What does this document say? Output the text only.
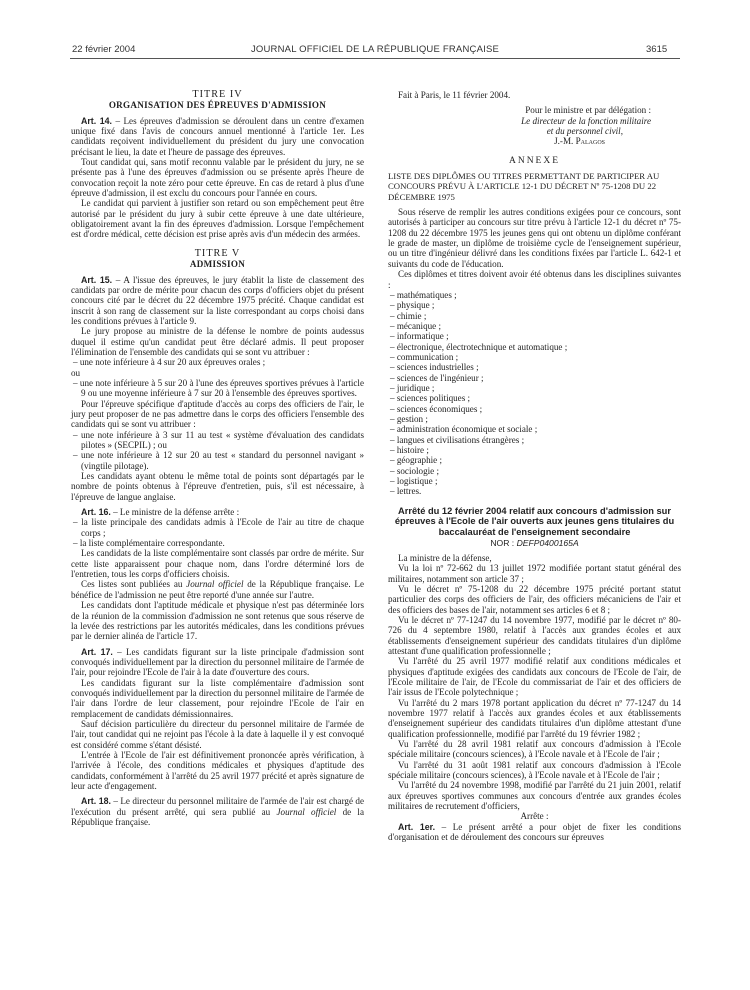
22 février 2004	JOURNAL OFFICIEL DE LA RÉPUBLIQUE FRANÇAISE	3615

TITRE IV

ORGANISATION DES ÉPREUVES D'ADMISSION

Art. 14. – Les épreuves d'admission se déroulent dans un centre d'examen unique fixé dans l'avis de concours annuel mentionné à l'article 1er. Les candidats reçoivent individuellement du président du jury une convocation précisant le lieu, la date et l'heure de passage des épreuves.

Tout candidat qui, sans motif reconnu valable par le président du jury, ne se présente pas à l'une des épreuves d'admission ou se présente après l'heure de convocation reçoit la note zéro pour cette épreuve. En cas de retard à plus d'une épreuve d'admission, il est exclu du concours pour l'année en cours.

Le candidat qui parvient à justifier son retard ou son empêchement peut être autorisé par le président du jury à subir cette épreuve à une date ultérieure, obligatoirement avant la fin des épreuves d'admission. Lorsque l'empêchement est d'ordre médical, cette décision est prise après avis d'un médecin des armées.

TITRE V

ADMISSION

Art. 15. – A l'issue des épreuves, le jury établit la liste de classement des candidats par ordre de mérite pour chacun des corps d'officiers objet du présent concours cité par le décret du 22 décembre 1975 précité. Chaque candidat est inscrit à son rang de classement sur la liste correspondant au corps choisi dans les conditions prévues à l'article 9.

Le jury propose au ministre de la défense le nombre de points audessus duquel il estime qu'un candidat peut être déclaré admis. Il peut proposer l'élimination de l'ensemble des candidats qui se sont vu attribuer :

– une note inférieure à 4 sur 20 aux épreuves orales ;

ou

– une note inférieure à 5 sur 20 à l'une des épreuves sportives prévues à l'article 9 ou une moyenne inférieure à 7 sur 20 à l'ensemble des épreuves sportives.

Pour l'épreuve spécifique d'aptitude d'accès au corps des officiers de l'air, le jury peut proposer de ne pas admettre dans le corps des officiers l'ensemble des candidats qui se sont vu attribuer :

– une note inférieure à 3 sur 11 au test « système d'évaluation des candidats pilotes » (SECPIL) ; ou

– une note inférieure à 12 sur 20 au test « standard du personnel navigant » (vingtile pilotage).

Les candidats ayant obtenu le même total de points sont départagés par le nombre de points obtenus à l'épreuve d'entretien, puis, s'il est nécessaire, à l'épreuve de langue anglaise.

Art. 16. – Le ministre de la défense arrête :

– la liste principale des candidats admis à l'Ecole de l'air au titre de chaque corps ;

– la liste complémentaire correspondante.

Les candidats de la liste complémentaire sont classés par ordre de mérite. Sur cette liste apparaissent pour chaque nom, dans l'ordre déterminé lors de l'entretien, tous les corps d'officiers choisis.

Ces listes sont publiées au Journal officiel de la République française. Le bénéfice de l'admission ne peut être reporté d'une année sur l'autre.

Les candidats dont l'aptitude médicale et physique n'est pas déterminée lors de la réunion de la commission d'admission ne sont retenus que sous réserve de la levée des restrictions par les autorités médicales, dans les conditions prévues par le dernier alinéa de l'article 17.

Art. 17. – Les candidats figurant sur la liste principale d'admission sont convoqués individuellement par la direction du personnel militaire de l'armée de l'air, pour rejoindre l'Ecole de l'air à la date d'ouverture des cours.

Les candidats figurant sur la liste complémentaire d'admission sont convoqués individuellement par la direction du personnel militaire de l'armée de l'air dans l'ordre de leur classement, pour rejoindre l'Ecole de l'air en remplacement de candidats démissionnaires.

Sauf décision particulière du directeur du personnel militaire de l'armée de l'air, tout candidat qui ne rejoint pas l'école à la date à laquelle il y est convoqué est considéré comme s'étant désisté.

L'entrée à l'Ecole de l'air est définitivement prononcée après vérification, à l'arrivée à l'école, des conditions médicales et physiques d'aptitude des candidats, conformément à l'arrêté du 25 avril 1977 précité et après signature de leur acte d'engagement.

Art. 18. – Le directeur du personnel militaire de l'armée de l'air est chargé de l'exécution du présent arrêté, qui sera publié au Journal officiel de la République française.

Fait à Paris, le 11 février 2004.

Pour le ministre et par délégation :

Le directeur de la fonction militaire

et du personnel civil,

J.-M. Palagos

ANNEXE

LISTE DES DIPLÔMES OU TITRES PERMETTANT DE PARTICIPER AU CONCOURS PRÉVU À L'ARTICLE 12-1 DU DÉCRET Nº 75-1208 DU 22 DÉCEMBRE 1975

Sous réserve de remplir les autres conditions exigées pour ce concours, sont autorisés à participer au concours sur titre prévu à l'article 12-1 du décret nº 75-1208 du 22 décembre 1975 les jeunes gens qui ont obtenu un diplôme conférant le grade de master, un diplôme de troisième cycle de l'enseignement supérieur, ou un titre d'ingénieur délivré dans les conditions fixées par l'article L. 642-1 et suivants du code de l'éducation.

Ces diplômes et titres doivent avoir été obtenus dans les disciplines suivantes :

– mathématiques ;

– physique ;

– chimie ;

– mécanique ;

– informatique ;

– électronique, électrotechnique et automatique ;

– communication ;

– sciences industrielles ;

– sciences de l'ingénieur ;

– juridique ;

– sciences politiques ;

– sciences économiques ;

– gestion ;

– administration économique et sociale ;

– langues et civilisations étrangères ;

– histoire ;

– géographie ;

– sociologie ;

– logistique ;

– lettres.

Arrêté du 12 février 2004 relatif aux concours d'admission sur épreuves à l'Ecole de l'air ouverts aux jeunes gens titulaires du baccalauréat de l'enseignement secondaire

NOR : DEFP0400165A

La ministre de la défense,

Vu la loi nº 72-662 du 13 juillet 1972 modifiée portant statut général des militaires, notamment son article 37 ;

Vu le décret nº 75-1208 du 22 décembre 1975 précité portant statut particulier des corps des officiers de l'air, des officiers mécaniciens de l'air et des officiers des bases de l'air, notamment ses articles 6 et 8 ;

Vu le décret nº 77-1247 du 14 novembre 1977, modifié par le décret nº 80-726 du 4 septembre 1980, relatif à l'accès aux grandes écoles et aux établissements d'enseignement supérieur des candidats titulaires d'un diplôme attestant d'une qualification professionnelle ;

Vu l'arrêté du 25 avril 1977 modifié relatif aux conditions médicales et physiques d'aptitude exigées des candidats aux concours de l'Ecole de l'air, de l'Ecole militaire de l'air, de l'Ecole du commissariat de l'air et des officiers de l'air issus de l'Ecole polytechnique ;

Vu l'arrêté du 2 mars 1978 portant application du décret nº 77-1247 du 14 novembre 1977 relatif à l'accès aux grandes écoles et aux établissements d'enseignement supérieur des candidats titulaires d'un diplôme attestant d'une qualification professionnelle, modifié par l'arrêté du 19 février 1982 ;

Vu l'arrêté du 28 avril 1981 relatif aux concours d'admission à l'Ecole spéciale militaire (concours sciences), à l'Ecole navale et à l'Ecole de l'air ;

Vu l'arrêté du 31 août 1981 relatif aux concours d'admission à l'Ecole spéciale militaire (concours sciences), à l'Ecole navale et à l'Ecole de l'air ;

Vu l'arrêté du 24 novembre 1998, modifié par l'arrêté du 21 juin 2001, relatif aux épreuves sportives communes aux concours d'entrée aux grandes écoles militaires de recrutement d'officiers,

Arrête :

Art. 1er. – Le présent arrêté a pour objet de fixer les conditions d'organisation et de déroulement des concours sur épreuves
